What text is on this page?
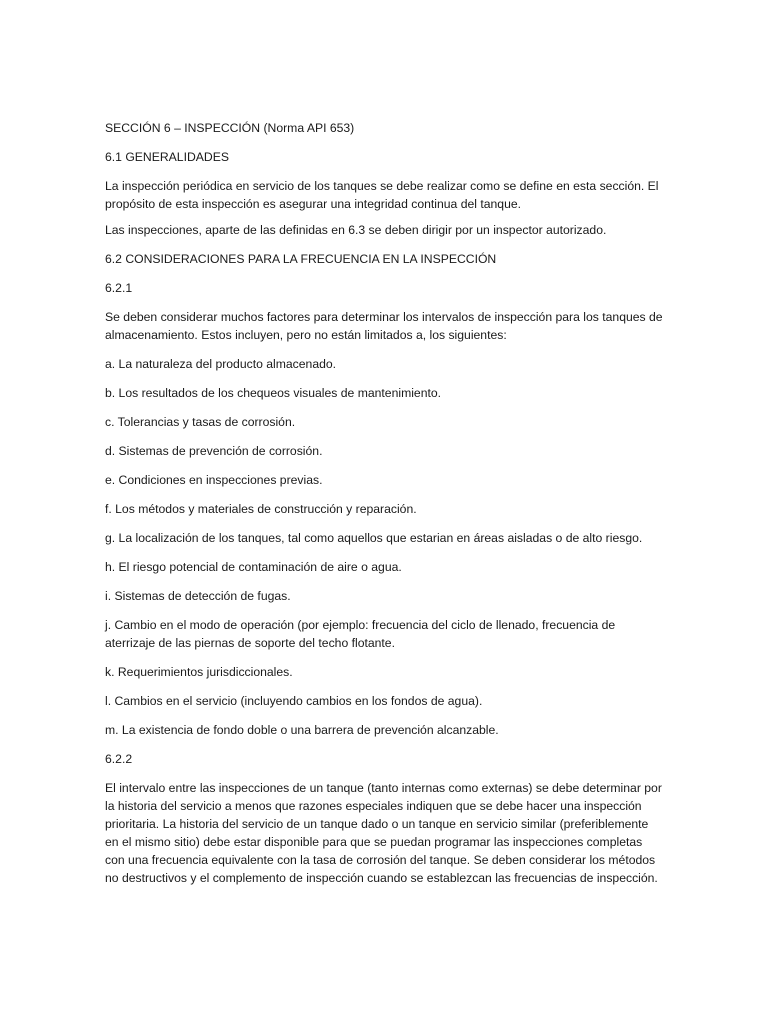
SECCIÓN 6 – INSPECCIÓN (Norma API 653)

6.1 GENERALIDADES

La inspección periódica en servicio de los tanques se debe realizar como se define en esta sección. El propósito de esta inspección es asegurar una integridad continua del tanque.

Las inspecciones, aparte de las definidas en 6.3 se deben dirigir por un inspector autorizado.

6.2 CONSIDERACIONES PARA LA FRECUENCIA EN LA INSPECCIÓN

6.2.1

Se deben considerar muchos factores para determinar los intervalos de inspección para los tanques de almacenamiento. Estos incluyen, pero no están limitados a, los siguientes:

a. La naturaleza del producto almacenado.

b. Los resultados de los chequeos visuales de mantenimiento.

c. Tolerancias y tasas de corrosión.

d. Sistemas de prevención de corrosión.

e. Condiciones en inspecciones previas.

f. Los métodos y materiales de construcción y reparación.

g. La localización de los tanques, tal como aquellos que estarian en áreas aisladas o de alto riesgo.

h. El riesgo potencial de contaminación de aire o agua.

i. Sistemas de detección de fugas.

j. Cambio en el modo de operación (por ejemplo: frecuencia del ciclo de llenado, frecuencia de aterrizaje de las piernas de soporte del techo flotante.

k. Requerimientos jurisdiccionales.

l. Cambios en el servicio (incluyendo cambios en los fondos de agua).

m. La existencia de fondo doble o una barrera de prevención alcanzable.

6.2.2

El intervalo entre las inspecciones de un tanque (tanto internas como externas) se debe determinar por la historia del servicio a menos que razones especiales indiquen que se debe hacer una inspección prioritaria. La historia del servicio de un tanque dado o un tanque en servicio similar (preferiblemente en el mismo sitio) debe estar disponible para que se puedan programar las inspecciones completas con una frecuencia equivalente con la tasa de corrosión del tanque. Se deben considerar los métodos no destructivos y el complemento de inspección cuando se establezcan las frecuencias de inspección.
